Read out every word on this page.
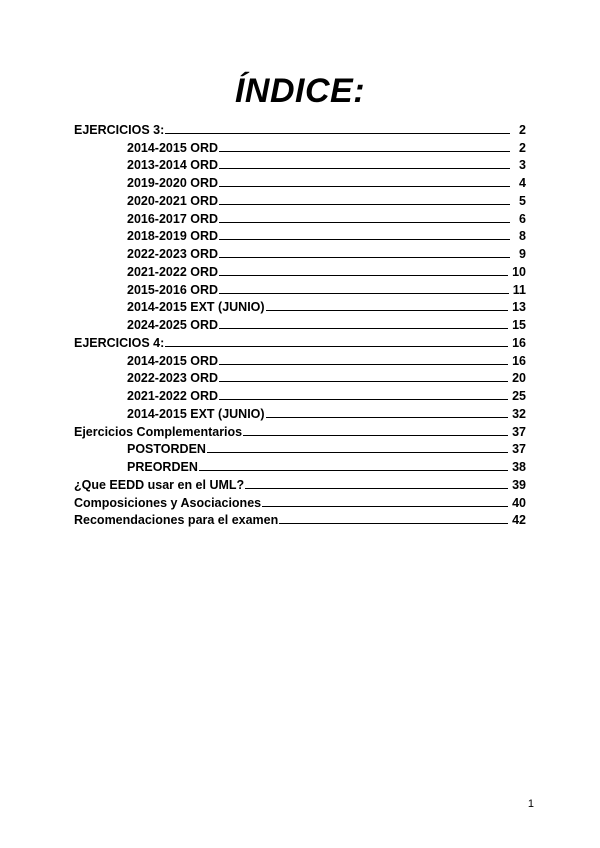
ÍNDICE:
EJERCICIOS 3:	2
2014-2015 ORD	2
2013-2014 ORD	3
2019-2020 ORD	4
2020-2021 ORD	5
2016-2017 ORD	6
2018-2019 ORD	8
2022-2023 ORD	9
2021-2022 ORD	10
2015-2016 ORD	11
2014-2015 EXT (JUNIO)	13
2024-2025 ORD	15
EJERCICIOS 4:	16
2014-2015 ORD	16
2022-2023 ORD	20
2021-2022 ORD	25
2014-2015 EXT (JUNIO)	32
Ejercicios Complementarios	37
POSTORDEN	37
PREORDEN	38
¿Que EEDD usar en el UML?	39
Composiciones y Asociaciones	40
Recomendaciones para el examen	42
1
